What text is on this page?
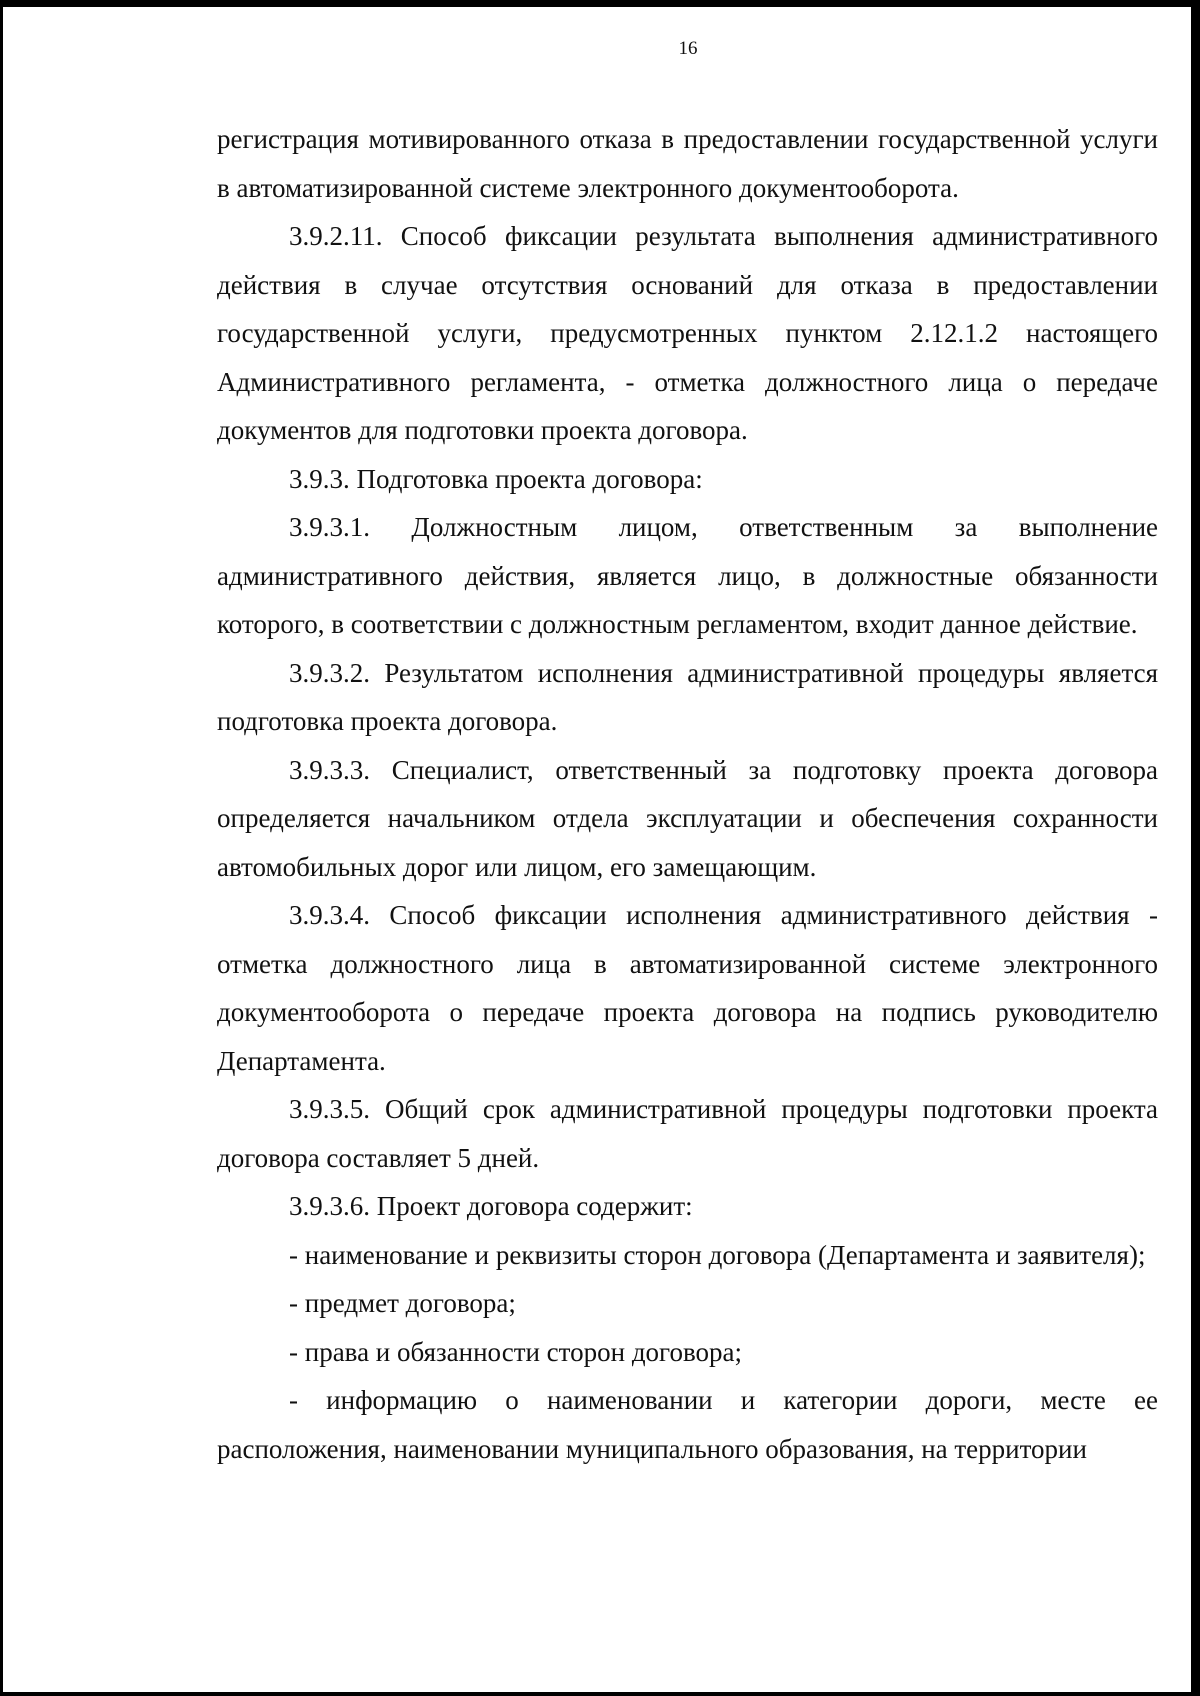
16

регистрация мотивированного отказа в предоставлении государственной услуги в автоматизированной системе электронного документооборота.

3.9.2.11. Способ фиксации результата выполнения административного действия в случае отсутствия оснований для отказа в предоставлении государственной услуги, предусмотренных пунктом 2.12.1.2 настоящего Административного регламента, - отметка должностного лица о передаче документов для подготовки проекта договора.

3.9.3. Подготовка проекта договора:

3.9.3.1. Должностным лицом, ответственным за выполнение административного действия, является лицо, в должностные обязанности которого, в соответствии с должностным регламентом, входит данное действие.

3.9.3.2. Результатом исполнения административной процедуры является подготовка проекта договора.

3.9.3.3. Специалист, ответственный за подготовку проекта договора определяется начальником отдела эксплуатации и обеспечения сохранности автомобильных дорог или лицом, его замещающим.

3.9.3.4. Способ фиксации исполнения административного действия - отметка должностного лица в автоматизированной системе электронного документооборота о передаче проекта договора на подпись руководителю Департамента.

3.9.3.5. Общий срок административной процедуры подготовки проекта договора составляет 5 дней.

3.9.3.6. Проект договора содержит:

- наименование и реквизиты сторон договора (Департамента и заявителя);

- предмет договора;

- права и обязанности сторон договора;

- информацию о наименовании и категории дороги, месте ее расположения, наименовании муниципального образования, на территории
